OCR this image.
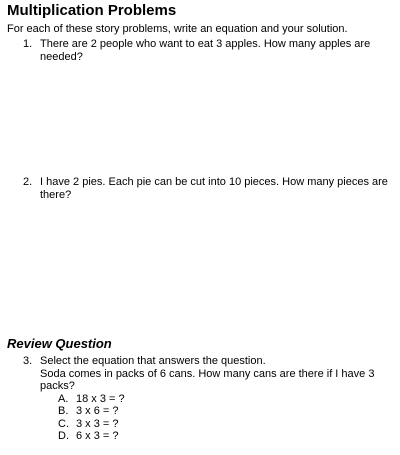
Multiplication Problems
For each of these story problems, write an equation and your solution.
1. There are 2 people who want to eat 3 apples. How many apples are needed?
2. I have 2 pies. Each pie can be cut into 10 pieces. How many pieces are there?
Review Question
3. Select the equation that answers the question.

Soda comes in packs of 6 cans. How many cans are there if I have 3 packs?

A. 18 x 3 = ?
B. 3 x 6 = ?
C. 3 x 3 = ?
D. 6 x 3 = ?
